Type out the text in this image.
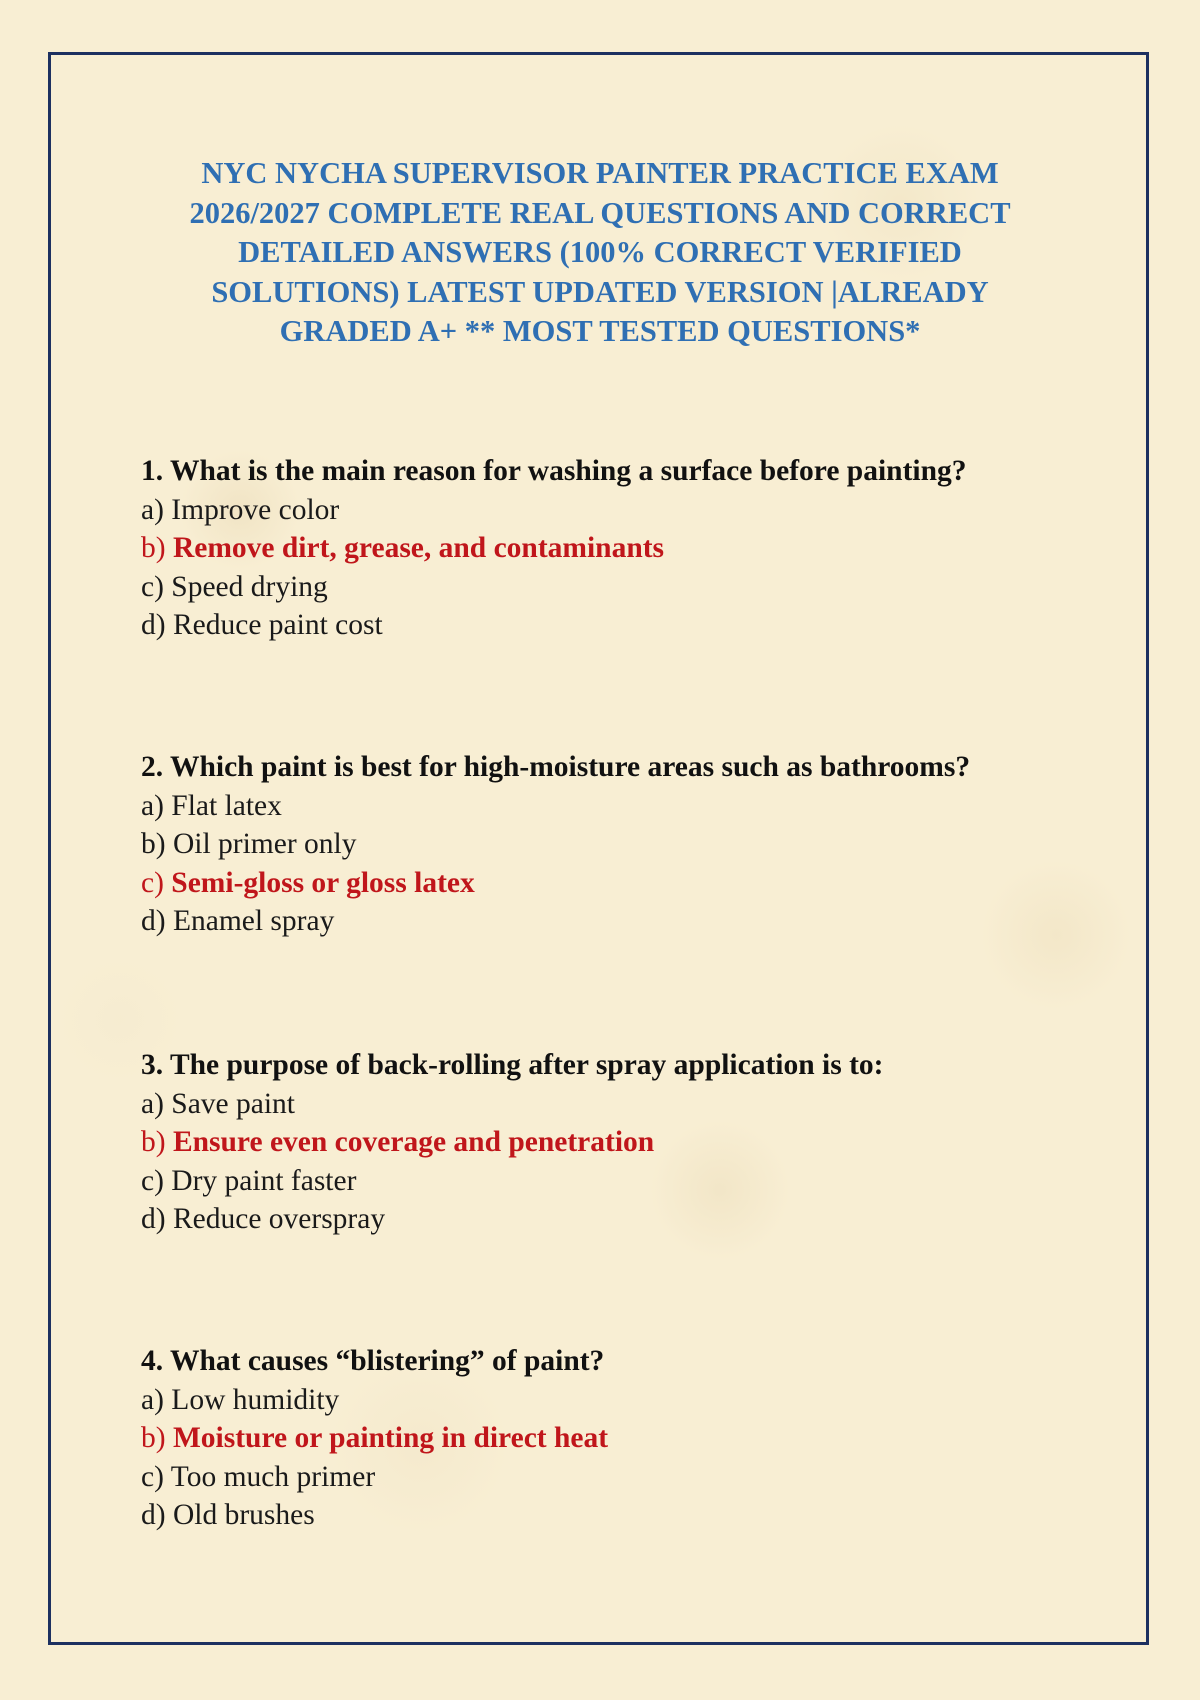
NYC NYCHA SUPERVISOR PAINTER PRACTICE EXAM 2026/2027 COMPLETE REAL QUESTIONS AND CORRECT DETAILED ANSWERS (100% CORRECT VERIFIED SOLUTIONS) LATEST UPDATED VERSION |ALREADY GRADED A+ ** MOST TESTED QUESTIONS*

1. What is the main reason for washing a surface before painting?

a) Improve color

b) Remove dirt, grease, and contaminants

c) Speed drying

d) Reduce paint cost

2. Which paint is best for high-moisture areas such as bathrooms?

a) Flat latex

b) Oil primer only

c) Semi-gloss or gloss latex

d) Enamel spray

3. The purpose of back-rolling after spray application is to:

a) Save paint

b) Ensure even coverage and penetration

c) Dry paint faster

d) Reduce overspray

4. What causes “blistering” of paint?

a) Low humidity

b) Moisture or painting in direct heat

c) Too much primer

d) Old brushes
